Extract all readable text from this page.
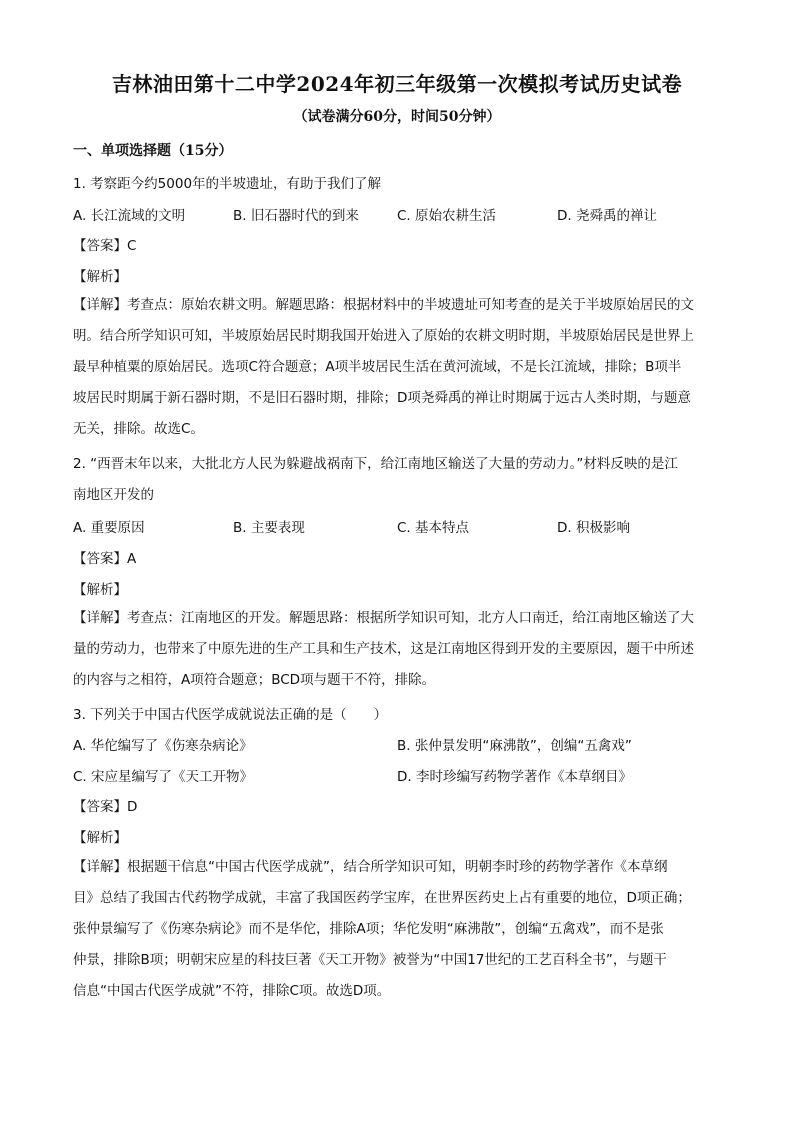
吉林油田第十二中学2024年初三年级第一次模拟考试历史试卷
（试卷满分60分，时间50分钟）
一、单项选择题（15分）
1. 考察距今约5000年的半坡遗址，有助于我们了解
A. 长江流域的文明	B. 旧石器时代的到来	C. 原始农耕生活	D. 尧舜禹的禅让
【答案】C
【解析】

【详解】考查点：原始农耕文明。解题思路：根据材料中的半坡遗址可知考查的是关于半坡原始居民的文

明。结合所学知识可知，半坡原始居民时期我国开始进入了原始的农耕文明时期，半坡原始居民是世界上

最早种植粟的原始居民。选项C符合题意；A项半坡居民生活在黄河流域，不是长江流域，排除；B项半

坡居民时期属于新石器时期，不是旧石器时期，排除；D项尧舜禹的禅让时期属于远古人类时期，与题意

无关，排除。故选C。

2. “西晋末年以来，大批北方人民为躲避战祸南下，给江南地区输送了大量的劳动力。”材料反映的是江

南地区开发的

A. 重要原因	B. 主要表现	C. 基本特点	D. 积极影响
【答案】A
【解析】

【详解】考查点：江南地区的开发。解题思路：根据所学知识可知，北方人口南迁，给江南地区输送了大

量的劳动力，也带来了中原先进的生产工具和生产技术，这是江南地区得到开发的主要原因，题干中所述

的内容与之相符，A项符合题意；BCD项与题干不符，排除。

3. 下列关于中国古代医学成就说法正确的是（　　）
A. 华佗编写了《伤寒杂病论》	B. 张仲景发明“麻沸散”，创编“五禽戏”
C. 宋应星编写了《天工开物》	D. 李时珍编写药物学著作《本草纲目》
【答案】D
【解析】

【详解】根据题干信息“中国古代医学成就”，结合所学知识可知，明朝李时珍的药物学著作《本草纲

目》总结了我国古代药物学成就，丰富了我国医药学宝库，在世界医药史上占有重要的地位，D项正确；

张仲景编写了《伤寒杂病论》而不是华佗，排除A项；华佗发明“麻沸散”，创编“五禽戏”，而不是张

仲景，排除B项；明朝宋应星的科技巨著《天工开物》被誉为“中国17世纪的工艺百科全书”，与题干

信息“中国古代医学成就”不符，排除C项。故选D项。
